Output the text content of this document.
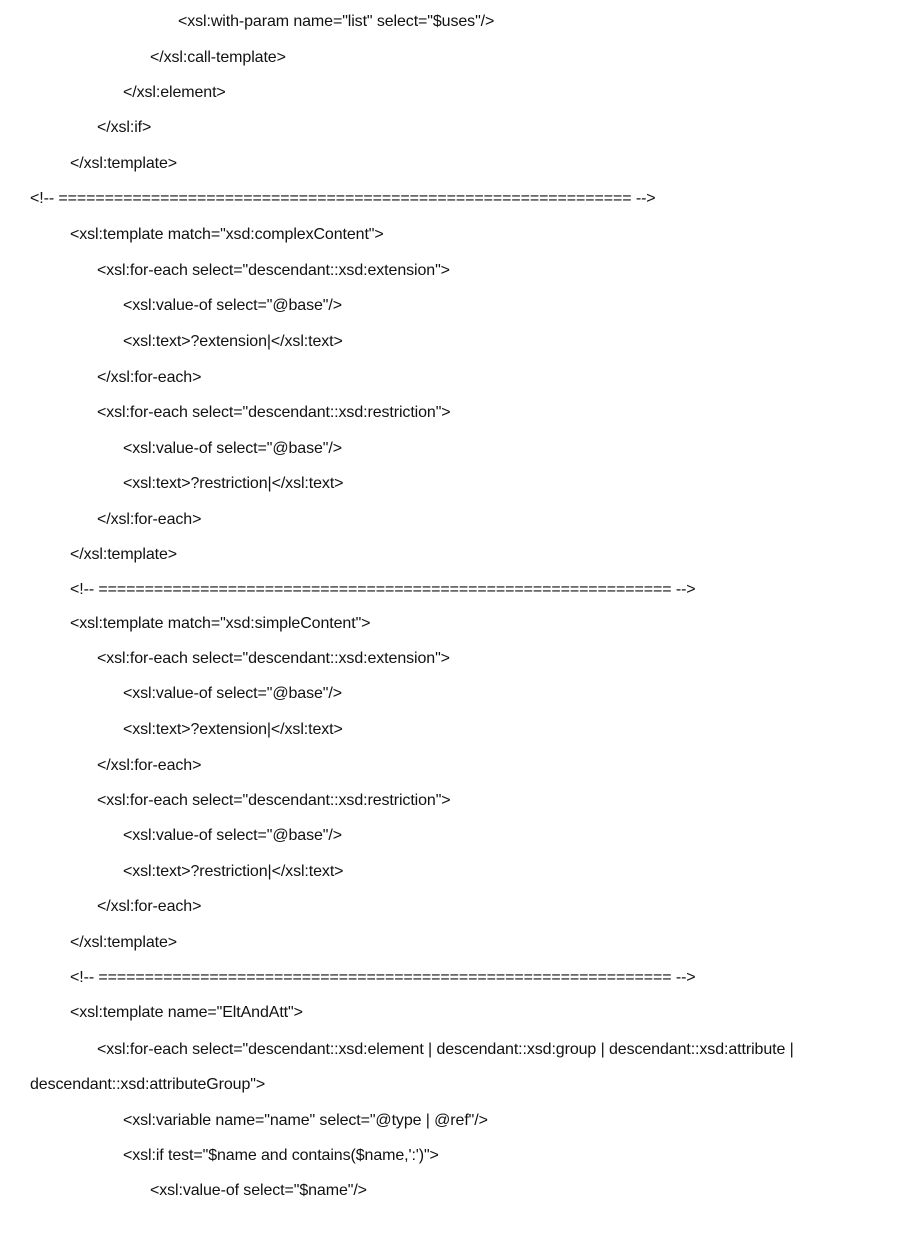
<xsl:with-param name="list" select="$uses"/>
</xsl:call-template>
</xsl:element>
</xsl:if>
</xsl:template>
<!-- ============================================================== -->
<xsl:template match="xsd:complexContent">
<xsl:for-each select="descendant::xsd:extension">
<xsl:value-of select="@base"/>
<xsl:text>?extension|</xsl:text>
</xsl:for-each>
<xsl:for-each select="descendant::xsd:restriction">
<xsl:value-of select="@base"/>
<xsl:text>?restriction|</xsl:text>
</xsl:for-each>
</xsl:template>
<!-- ============================================================== -->
<xsl:template match="xsd:simpleContent">
<xsl:for-each select="descendant::xsd:extension">
<xsl:value-of select="@base"/>
<xsl:text>?extension|</xsl:text>
</xsl:for-each>
<xsl:for-each select="descendant::xsd:restriction">
<xsl:value-of select="@base"/>
<xsl:text>?restriction|</xsl:text>
</xsl:for-each>
</xsl:template>
<!-- ============================================================== -->
<xsl:template name="EltAndAtt">
<xsl:for-each select="descendant::xsd:element | descendant::xsd:group | descendant::xsd:attribute |
descendant::xsd:attributeGroup">
<xsl:variable name="name" select="@type | @ref"/>
<xsl:if test="$name and contains($name,':')">
<xsl:value-of select="$name"/>
